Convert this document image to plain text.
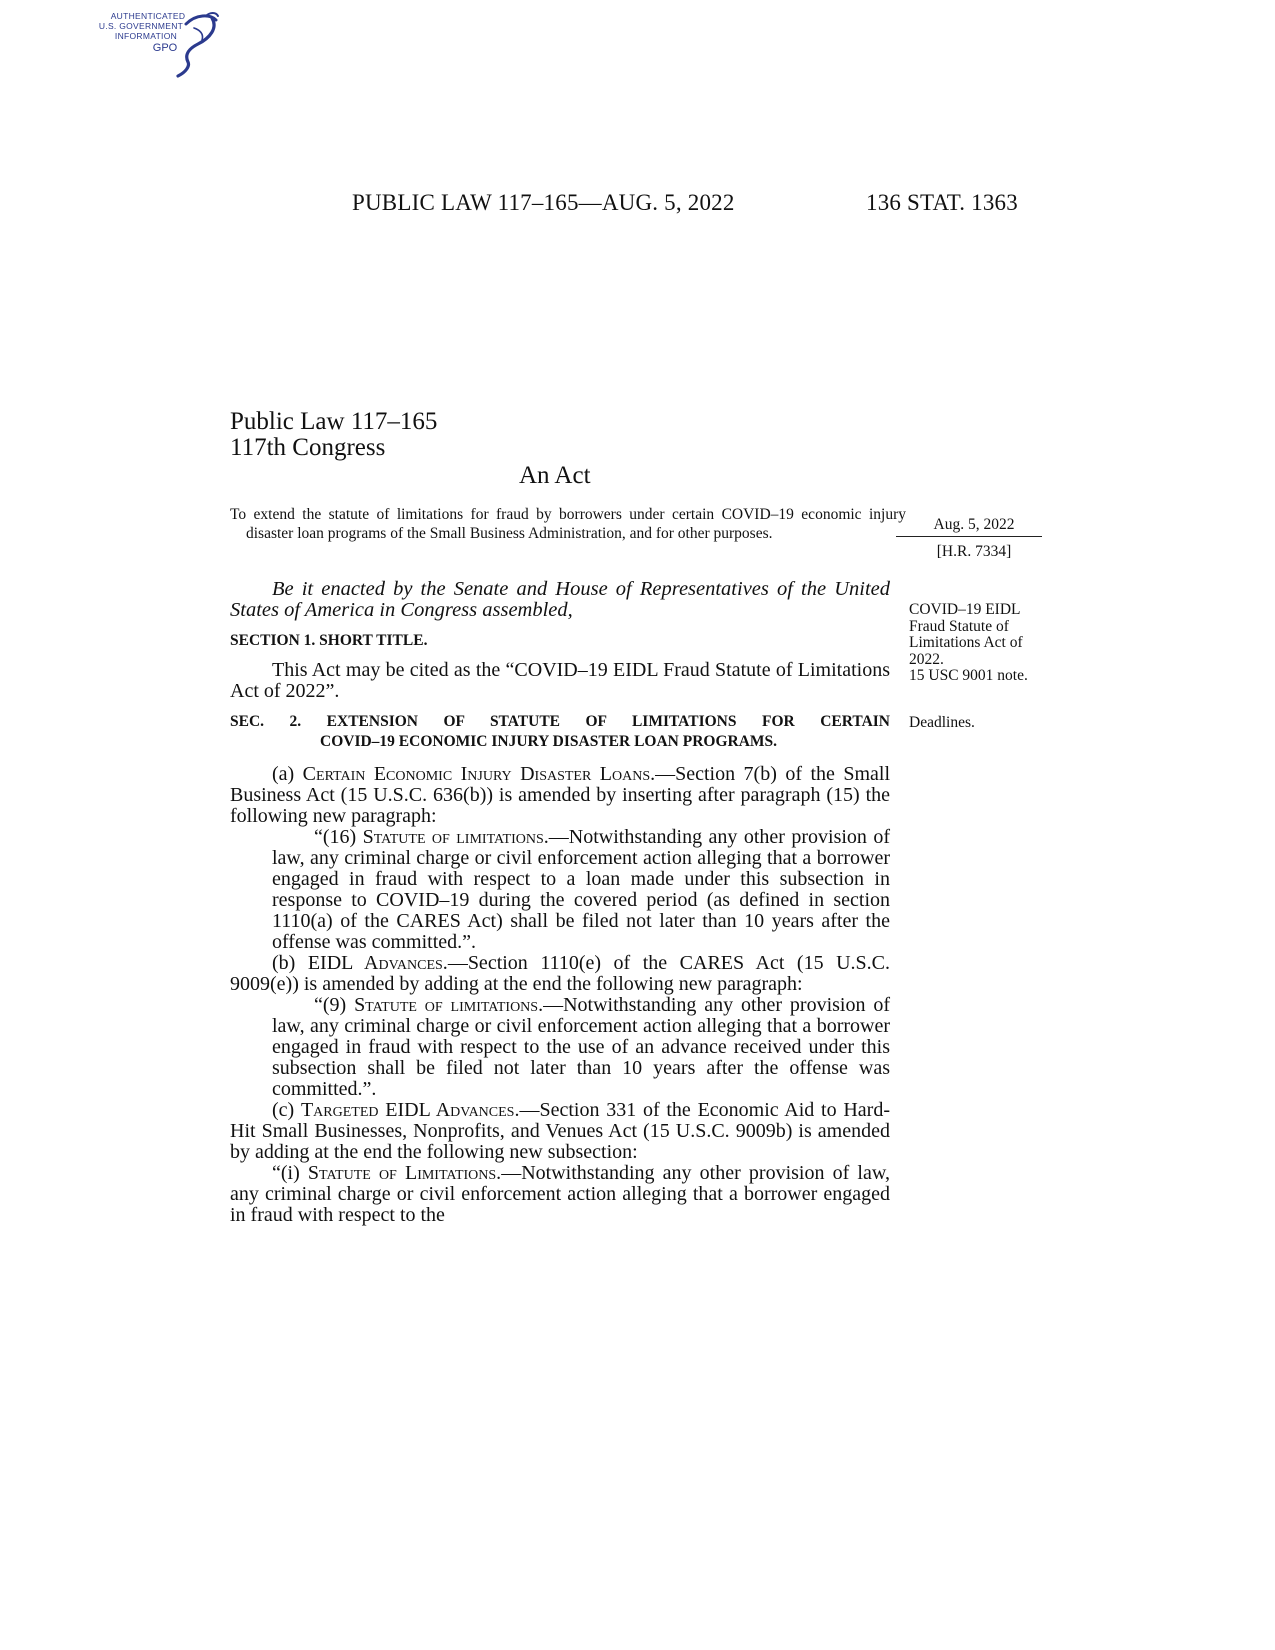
AUTHENTICATED
U.S. GOVERNMENT
INFORMATION
GPO
PUBLIC LAW 117–165—AUG. 5, 2022	136 STAT. 1363
Public Law 117–165
117th Congress
An Act
To extend the statute of limitations for fraud by borrowers under certain COVID–19 economic injury disaster loan programs of the Small Business Administration, and for other purposes.	Aug. 5, 2022
[H.R. 7334]
COVID–19 EIDL Fraud Statute of Limitations Act of 2022.
15 USC 9001 note.
Deadlines.
Be it enacted by the Senate and House of Representatives of the United States of America in Congress assembled,
SECTION 1. SHORT TITLE.
This Act may be cited as the “COVID–19 EIDL Fraud Statute of Limitations Act of 2022”.
SEC. 2. EXTENSION OF STATUTE OF LIMITATIONS FOR CERTAIN
COVID–19 ECONOMIC INJURY DISASTER LOAN PROGRAMS.

(a) Certain Economic Injury Disaster Loans.—Section 7(b) of the Small Business Act (15 U.S.C. 636(b)) is amended by inserting after paragraph (15) the following new paragraph:

“(16) Statute of limitations.—Notwithstanding any other provision of law, any criminal charge or civil enforcement action alleging that a borrower engaged in fraud with respect to a loan made under this subsection in response to COVID–19 during the covered period (as defined in section 1110(a) of the CARES Act) shall be filed not later than 10 years after the offense was committed.”.

(b) EIDL Advances.—Section 1110(e) of the CARES Act (15 U.S.C. 9009(e)) is amended by adding at the end the following new paragraph:

“(9) Statute of limitations.—Notwithstanding any other provision of law, any criminal charge or civil enforcement action alleging that a borrower engaged in fraud with respect to the use of an advance received under this subsection shall be filed not later than 10 years after the offense was committed.”.

(c) Targeted EIDL Advances.—Section 331 of the Economic Aid to Hard-Hit Small Businesses, Nonprofits, and Venues Act (15 U.S.C. 9009b) is amended by adding at the end the following new subsection:

“(i) Statute of Limitations.—Notwithstanding any other provision of law, any criminal charge or civil enforcement action alleging that a borrower engaged in fraud with respect to the
